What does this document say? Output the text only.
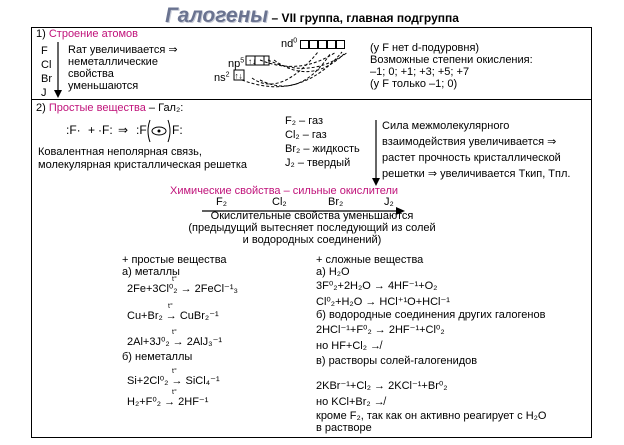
Галогены – VII группа, главная подгруппа
1) Строение атомов
F
Cl
Br
J
Rат увеличивается ⇒
неметаллические
свойства
уменьшаются
$nd^0$
$np^5$
$ns^2$
↑↓
↑↓
(у F нет d-подуровня)
Возможные степени окисления:
–1; 0; +1; +3; +5; +7
(у F только –1; 0)
2) Простые вещества – Гал₂:
:F· + ·F: ⇒ :F F:
Ковалентная неполярная связь,
молекулярная кристаллическая решетка
F₂ – газ
Cl₂ – газ
Br₂ – жидкость
J₂ – твердый
Сила межмолекулярного
взаимодействия увеличивается ⇒
растет прочность кристаллической
решетки ⇒ увеличивается Tкип, Tпл.
Химические свойства – сильные окислители
F₂	Cl₂	Br₂	J₂
Окислительные свойства уменьшаются
(предыдущий вытесняет последующий из солей
и водородных соединений)
+ простые вещества
а) металлы
2Fe+3Cl⁰₂ → 2FeCl⁻¹₃
Cu+Br₂ → CuBr₂⁻¹
2Al+3J⁰₂ → 2AlJ₃⁻¹
б) неметаллы
Si+2Cl⁰₂ → SiCl₄⁻¹
H₂+F⁰₂ → 2HF⁻¹
t°
t°
t°
t°
t°
+ сложные вещества
а) H₂O
3F⁰₂+2H₂O → 4HF⁻¹+O₂
Cl⁰₂+H₂O → HCl⁺¹O+HCl⁻¹
б) водородные соединения других галогенов
2HCl⁻¹+F⁰₂ → 2HF⁻¹+Cl⁰₂
но HF+Cl₂ ↛
в) растворы солей-галогенидов
2KBr⁻¹+Cl₂ → 2KCl⁻¹+Br⁰₂
но KCl+Br₂ ↛
кроме F₂, так как он активно реагирует с H₂O
в растворе
